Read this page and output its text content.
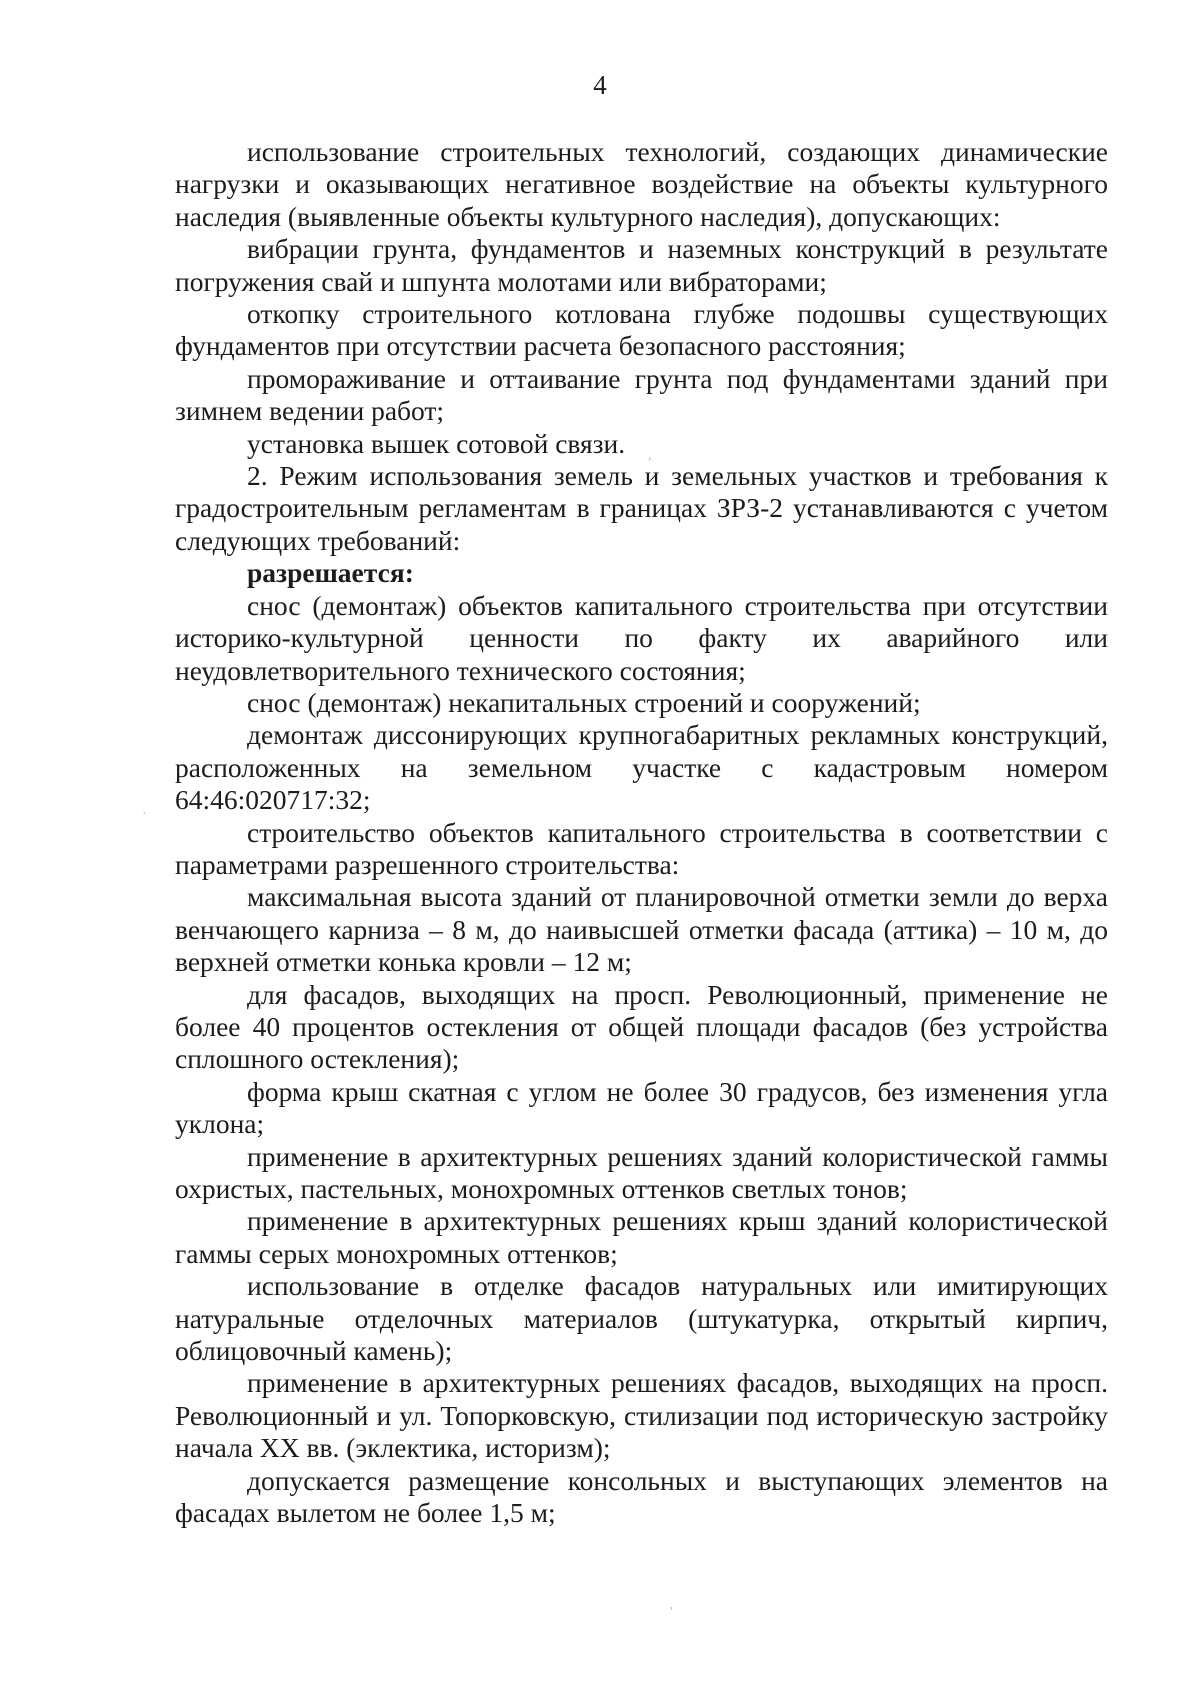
4

использование строительных технологий, создающих динамические нагрузки и оказывающих негативное воздействие на объекты культурного наследия (выявленные объекты культурного наследия), допускающих:

вибрации грунта, фундаментов и наземных конструкций в результате погружения свай и шпунта молотами или вибраторами;

откопку строительного котлована глубже подошвы существующих фундаментов при отсутствии расчета безопасного расстояния;

промораживание и оттаивание грунта под фундаментами зданий при зимнем ведении работ;

установка вышек сотовой связи.

2. Режим использования земель и земельных участков и требования к градостроительным регламентам в границах ЗРЗ-2 устанавливаются с учетом следующих требований:

разрешается:

снос (демонтаж) объектов капитального строительства при отсутствии историко-культурной ценности по факту их аварийного или неудовлетворительного технического состояния;

снос (демонтаж) некапитальных строений и сооружений;

демонтаж диссонирующих крупногабаритных рекламных конструкций, расположенных на земельном участке с кадастровым номером 64:46:020717:32;

строительство объектов капитального строительства в соответствии с параметрами разрешенного строительства:

максимальная высота зданий от планировочной отметки земли до верха венчающего карниза – 8 м, до наивысшей отметки фасада (аттика) – 10 м, до верхней отметки конька кровли – 12 м;

для фасадов, выходящих на просп. Революционный, применение не более 40 процентов остекления от общей площади фасадов (без устройства сплошного остекления);

форма крыш скатная с углом не более 30 градусов, без изменения угла уклона;

применение в архитектурных решениях зданий колористической гаммы охристых, пастельных, монохромных оттенков светлых тонов;

применение в архитектурных решениях крыш зданий колористической гаммы серых монохромных оттенков;

использование в отделке фасадов натуральных или имитирующих натуральные отделочных материалов (штукатурка, открытый кирпич, облицовочный камень);

применение в архитектурных решениях фасадов, выходящих на просп. Революционный и ул. Топорковскую, стилизации под историческую застройку начала XX вв. (эклектика, историзм);

допускается размещение консольных и выступающих элементов на фасадах вылетом не более 1,5 м;

·
,
'
